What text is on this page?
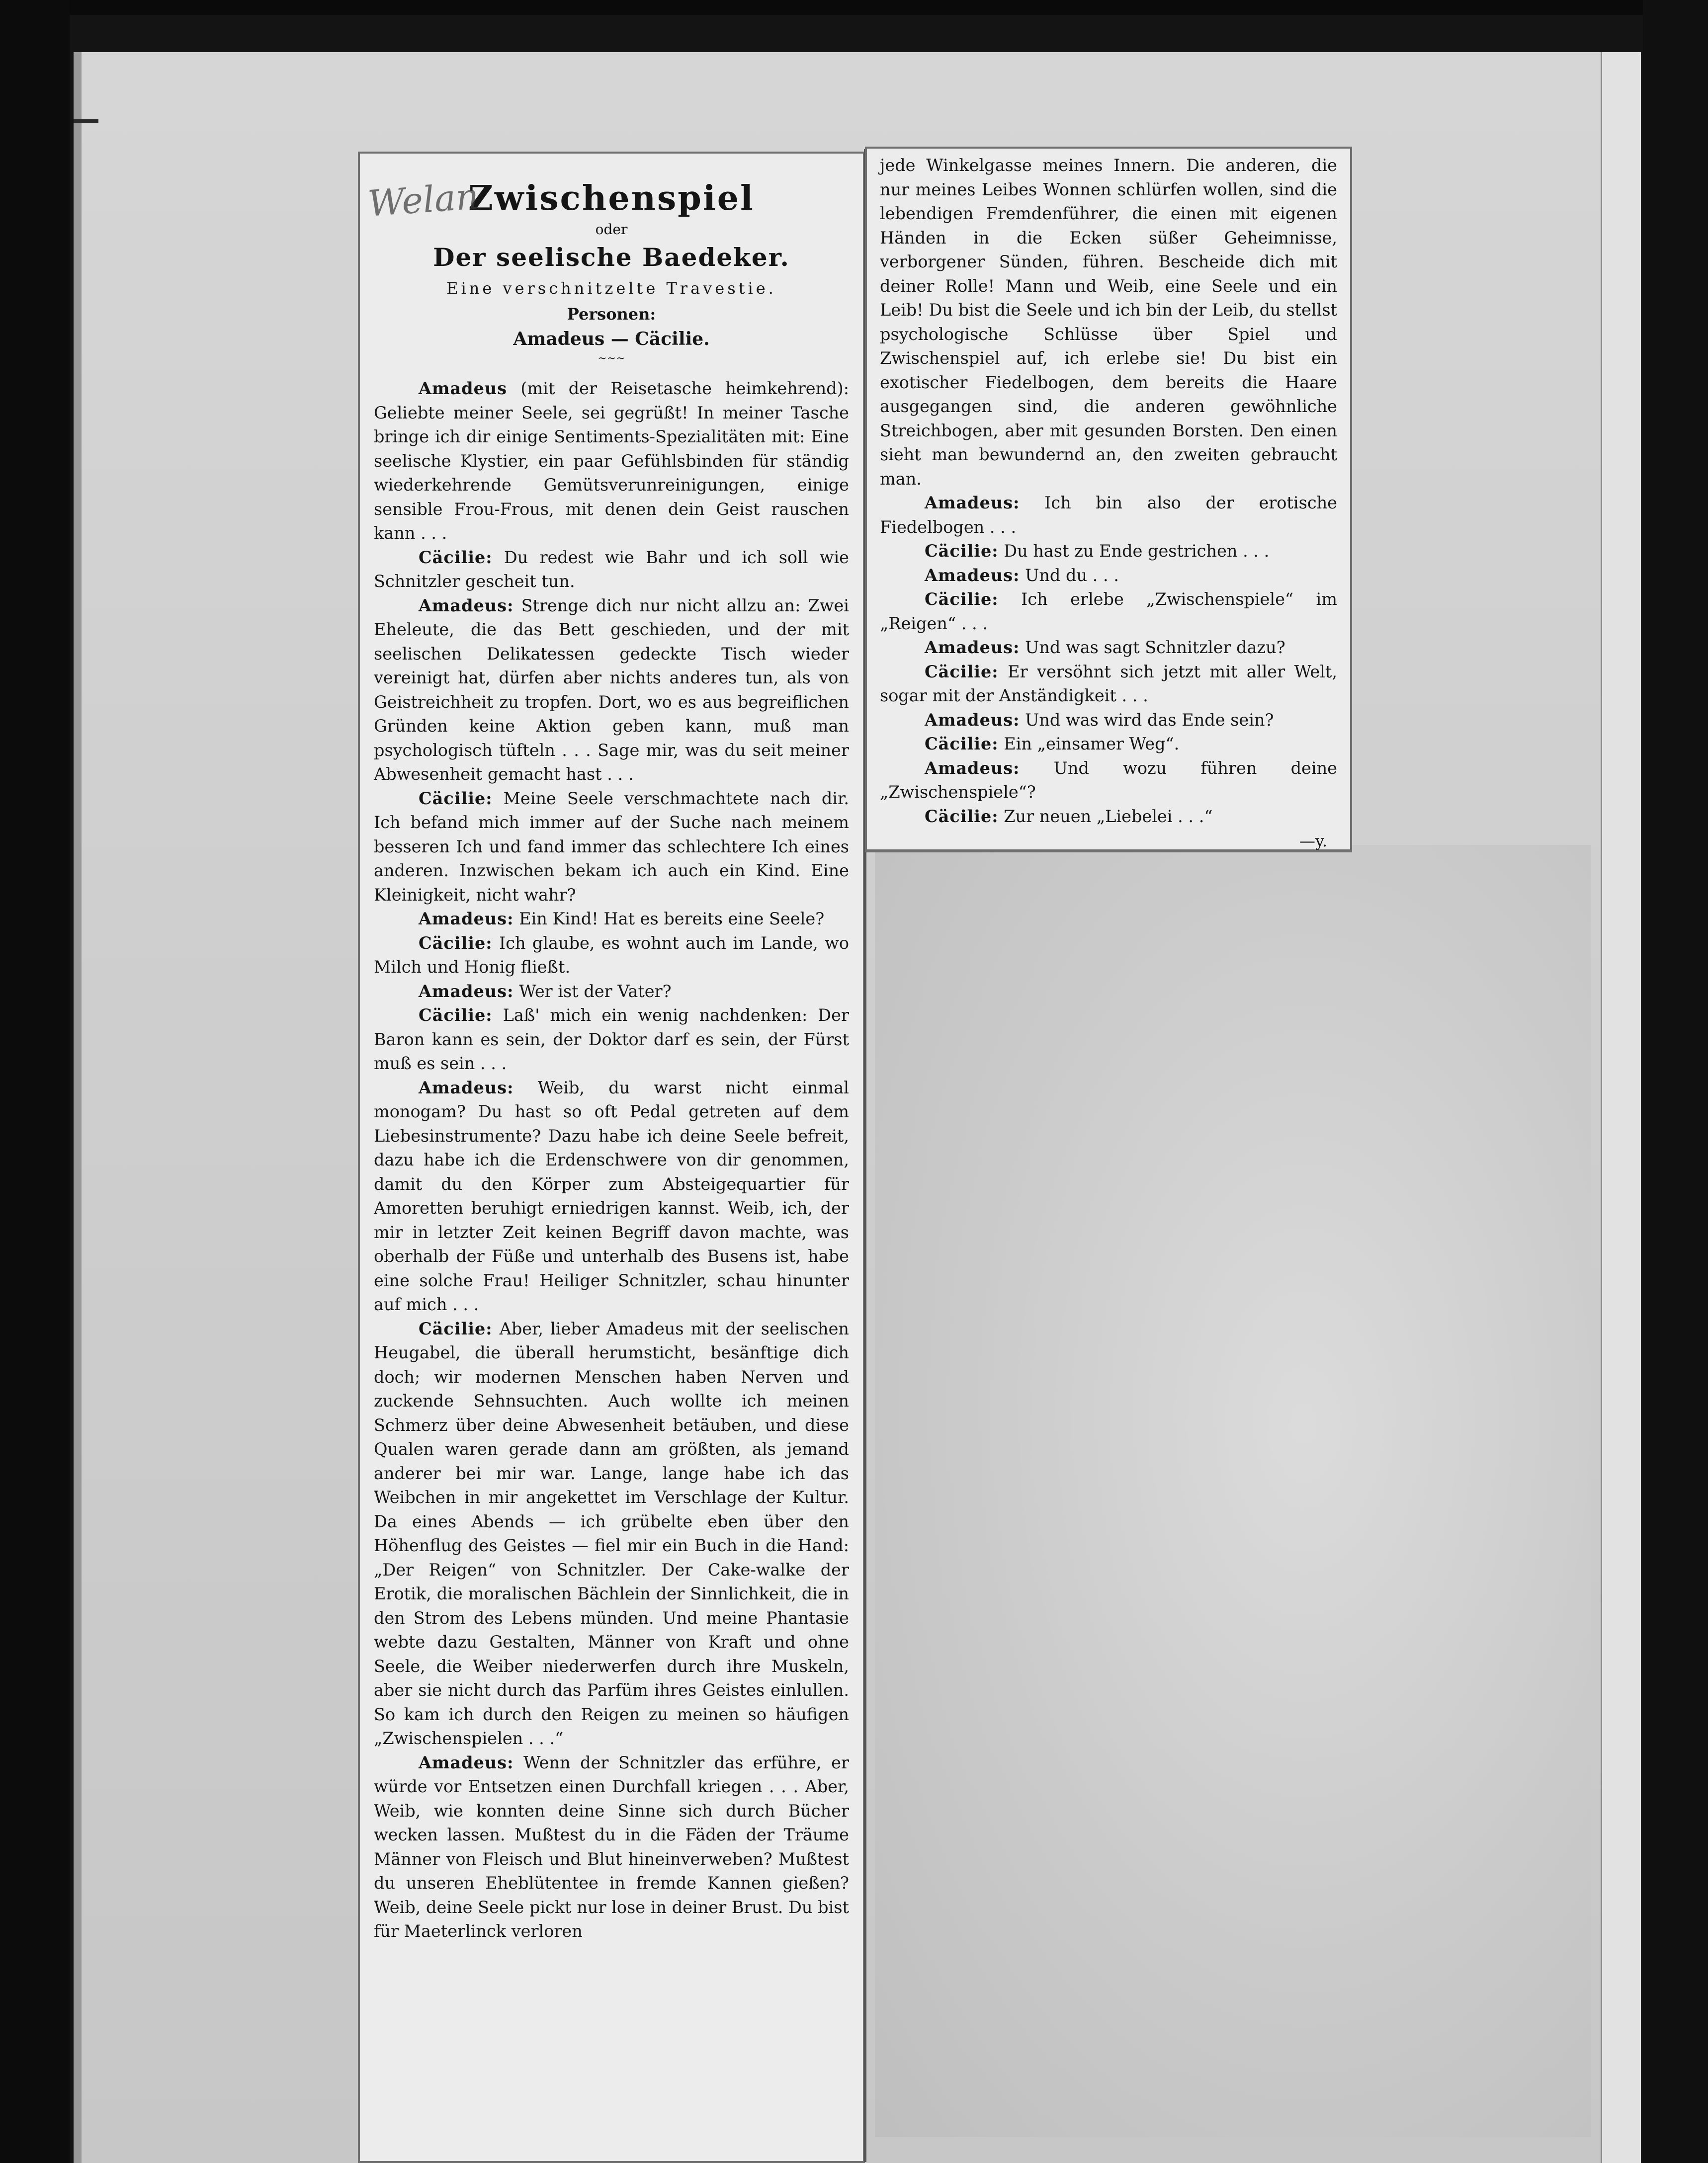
Zwischenspiel
oder
Der seelische Baedeker.
Eine verschnitzelte Travestie.
Personen:
Amadeus — Cäcilie.
~~~

Amadeus (mit der Reisetasche heimkehrend): Geliebte meiner Seele, sei gegrüßt! In meiner Tasche bringe ich dir einige Sentiments-Spezialitäten mit: Eine seelische Klystier, ein paar Gefühlsbinden für ständig wiederkehrende Gemütsverunreinigungen, einige sensible Frou-Frous, mit denen dein Geist rauschen kann . . .

Cäcilie: Du redest wie Bahr und ich soll wie Schnitzler gescheit tun.

Amadeus: Strenge dich nur nicht allzu an: Zwei Eheleute, die das Bett geschieden, und der mit seelischen Delikatessen gedeckte Tisch wieder vereinigt hat, dürfen aber nichts anderes tun, als von Geistreichheit zu tropfen. Dort, wo es aus begreiflichen Gründen keine Aktion geben kann, muß man psychologisch tüfteln . . . Sage mir, was du seit meiner Abwesenheit gemacht hast . . .

Cäcilie: Meine Seele verschmachtete nach dir. Ich befand mich immer auf der Suche nach meinem besseren Ich und fand immer das schlechtere Ich eines anderen. Inzwischen bekam ich auch ein Kind. Eine Kleinigkeit, nicht wahr?

Amadeus: Ein Kind! Hat es bereits eine Seele?

Cäcilie: Ich glaube, es wohnt auch im Lande, wo Milch und Honig fließt.

Amadeus: Wer ist der Vater?

Cäcilie: Laß' mich ein wenig nachdenken: Der Baron kann es sein, der Doktor darf es sein, der Fürst muß es sein . . .

Amadeus: Weib, du warst nicht einmal monogam? Du hast so oft Pedal getreten auf dem Liebesinstrumente? Dazu habe ich deine Seele befreit, dazu habe ich die Erdenschwere von dir genommen, damit du den Körper zum Absteigequartier für Amoretten beruhigt erniedrigen kannst. Weib, ich, der mir in letzter Zeit keinen Begriff davon machte, was oberhalb der Füße und unterhalb des Busens ist, habe eine solche Frau! Heiliger Schnitzler, schau hinunter auf mich . . .

Cäcilie: Aber, lieber Amadeus mit der seelischen Heugabel, die überall herumsticht, besänftige dich doch; wir modernen Menschen haben Nerven und zuckende Sehnsuchten. Auch wollte ich meinen Schmerz über deine Abwesenheit betäuben, und diese Qualen waren gerade dann am größten, als jemand anderer bei mir war. Lange, lange habe ich das Weibchen in mir angekettet im Verschlage der Kultur. Da eines Abends — ich grübelte eben über den Höhenflug des Geistes — fiel mir ein Buch in die Hand: „Der Reigen“ von Schnitzler. Der Cake-walke der Erotik, die moralischen Bächlein der Sinnlichkeit, die in den Strom des Lebens münden. Und meine Phantasie webte dazu Gestalten, Männer von Kraft und ohne Seele, die Weiber niederwerfen durch ihre Muskeln, aber sie nicht durch das Parfüm ihres Geistes einlullen. So kam ich durch den Reigen zu meinen so häufigen „Zwischenspielen . . .“

Amadeus: Wenn der Schnitzler das erführe, er würde vor Entsetzen einen Durchfall kriegen . . . Aber, Weib, wie konnten deine Sinne sich durch Bücher wecken lassen. Mußtest du in die Fäden der Träume Männer von Fleisch und Blut hineinverweben? Mußtest du unseren Eheblütentee in fremde Kannen gießen? Weib, deine Seele pickt nur lose in deiner Brust. Du bist für Maeterlinck verloren

Welan

jede Winkelgasse meines Innern. Die anderen, die nur meines Leibes Wonnen schlürfen wollen, sind die lebendigen Fremdenführer, die einen mit eigenen Händen in die Ecken süßer Geheimnisse, verborgener Sünden, führen. Bescheide dich mit deiner Rolle! Mann und Weib, eine Seele und ein Leib! Du bist die Seele und ich bin der Leib, du stellst psychologische Schlüsse über Spiel und Zwischenspiel auf, ich erlebe sie! Du bist ein exotischer Fiedelbogen, dem bereits die Haare ausgegangen sind, die anderen gewöhnliche Streichbogen, aber mit gesunden Borsten. Den einen sieht man bewundernd an, den zweiten gebraucht man.

Amadeus: Ich bin also der erotische Fiedelbogen . . .

Cäcilie: Du hast zu Ende gestrichen . . .

Amadeus: Und du . . .

Cäcilie: Ich erlebe „Zwischenspiele“ im „Reigen“ . . .

Amadeus: Und was sagt Schnitzler dazu?

Cäcilie: Er versöhnt sich jetzt mit aller Welt, sogar mit der Anständigkeit . . .

Amadeus: Und was wird das Ende sein?

Cäcilie: Ein „einsamer Weg“.

Amadeus: Und wozu führen deine „Zwischenspiele“?

Cäcilie: Zur neuen „Liebelei . . .“

—y.
